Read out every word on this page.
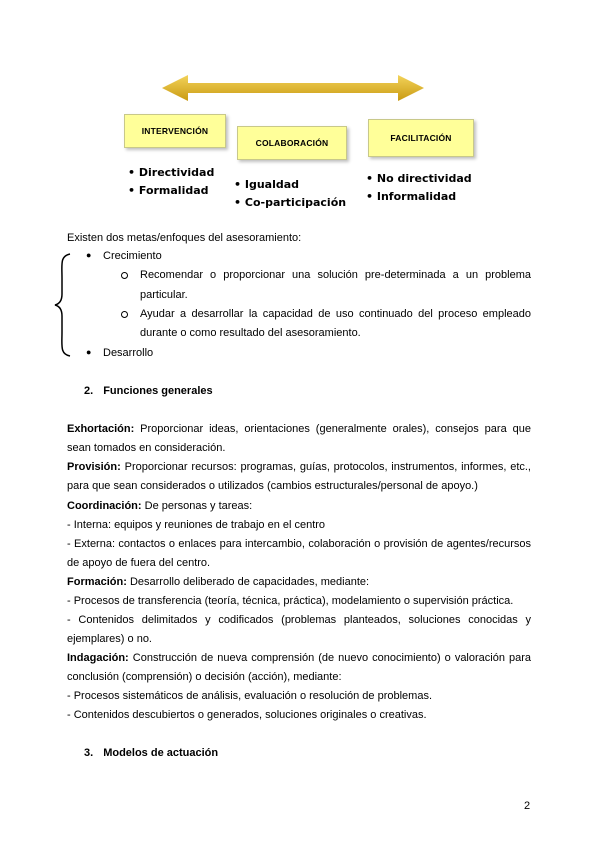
INTERVENCIÓN
COLABORACIÓN	FACILITACIÓN
• Directividad
• Formalidad	• Igualdad
• Co-participación
• No directividad
• Informalidad
Existen dos metas/enfoques del asesoramiento:
● Crecimiento
Recomendar o proporcionar una solución pre-determinada a un problema
particular.
Ayudar a desarrollar la capacidad de uso continuado del proceso empleado
durante o como resultado del asesoramiento.
● Desarrollo
2. Funciones generales
Exhortación: Proporcionar ideas, orientaciones (generalmente orales), consejos para que
sean tomados en consideración.
Provisión: Proporcionar recursos: programas, guías, protocolos, instrumentos, informes, etc.,
para que sean considerados o utilizados (cambios estructurales/personal de apoyo.)
Coordinación: De personas y tareas:
- Interna: equipos y reuniones de trabajo en el centro
- Externa: contactos o enlaces para intercambio, colaboración o provisión de agentes/recursos
de apoyo de fuera del centro.
Formación: Desarrollo deliberado de capacidades, mediante:
- Procesos de transferencia (teoría, técnica, práctica), modelamiento o supervisión práctica.
- Contenidos delimitados y codificados (problemas planteados, soluciones conocidas y
ejemplares) o no.
Indagación: Construcción de nueva comprensión (de nuevo conocimiento) o valoración para
conclusión (comprensión) o decisión (acción), mediante:
- Procesos sistemáticos de análisis, evaluación o resolución de problemas.
- Contenidos descubiertos o generados, soluciones originales o creativas.
3. Modelos de actuación
2
